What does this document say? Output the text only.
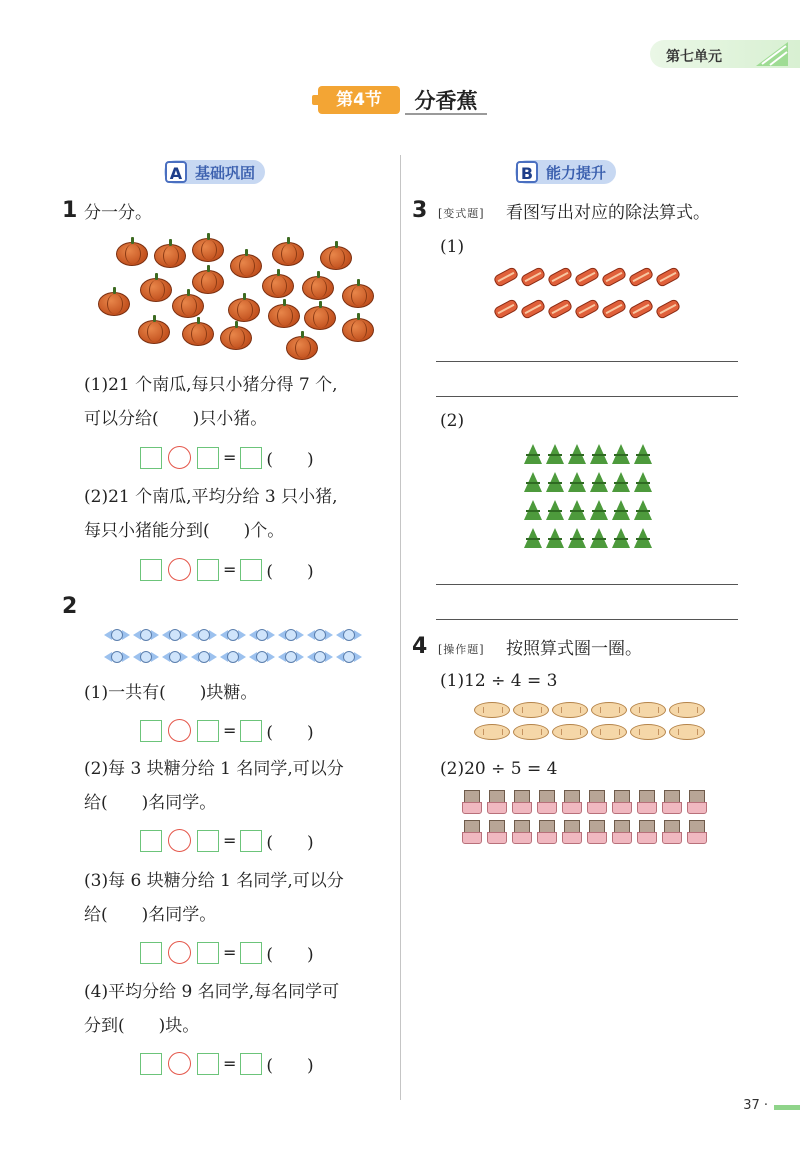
第七单元
第4节	分香蕉
A 基础巩固
1 分一分。
(1)21 个南瓜,每只小猪分得 7 个,
可以分给(　　)只小猪。
= (　　)
(2)21 个南瓜,平均分给 3 只小猪,
每只小猪能分到(　　)个。
= (　　)
2
(1)一共有(　　)块糖。
= (　　)
(2)每 3 块糖分给 1 名同学,可以分
给(　　)名同学。
= (　　)
(3)每 6 块糖分给 1 名同学,可以分
给(　　)名同学。
= (　　)
(4)平均分给 9 名同学,每名同学可
分到(　　)块。
= (　　)
B 能力提升
3 [变式题] 看图写出对应的除法算式。
(1)
(2)
4 [操作题] 按照算式圈一圈。
(1)12 ÷ 4 = 3
(2)20 ÷ 5 = 4
37 ·
